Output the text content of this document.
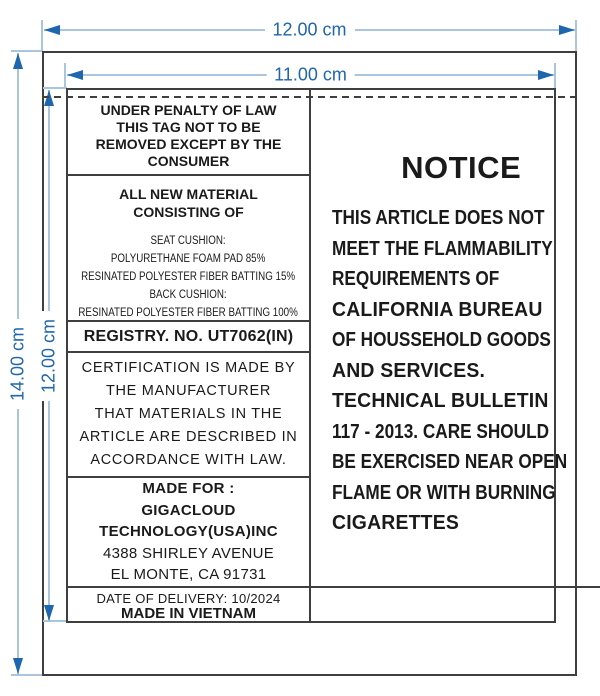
12.00 cm
11.00 cm
14.00 cm 12.00 cm
UNDER PENALTY OF LAW
THIS TAG NOT TO BE
REMOVED EXCEPT BY THE
CONSUMER
ALL NEW MATERIAL
CONSISTING OF
SEAT CUSHION:
POLYURETHANE FOAM PAD 85%
RESINATED POLYESTER FIBER BATTING 15%
BACK CUSHION:
RESINATED POLYESTER FIBER BATTING 100%
REGISTRY. NO. UT7062(IN)
CERTIFICATION IS MADE BY
THE MANUFACTURER
THAT MATERIALS IN THE
ARTICLE ARE DESCRIBED IN
ACCORDANCE WITH LAW.
MADE FOR :
GIGACLOUD
TECHNOLOGY(USA)INC
4388 SHIRLEY AVENUE
EL MONTE, CA 91731
NOTICE
THIS ARTICLE DOES NOT
MEET THE FLAMMABILITY
REQUIREMENTS OF
CALIFORNIA BUREAU
OF HOUSSEHOLD GOODS
AND SERVICES.
TECHNICAL BULLETIN
117 - 2013. CARE SHOULD
BE EXERCISED NEAR OPEN
FLAME OR WITH BURNING
CIGARETTES
DATE OF DELIVERY: 10/2024
MADE IN VIETNAM
